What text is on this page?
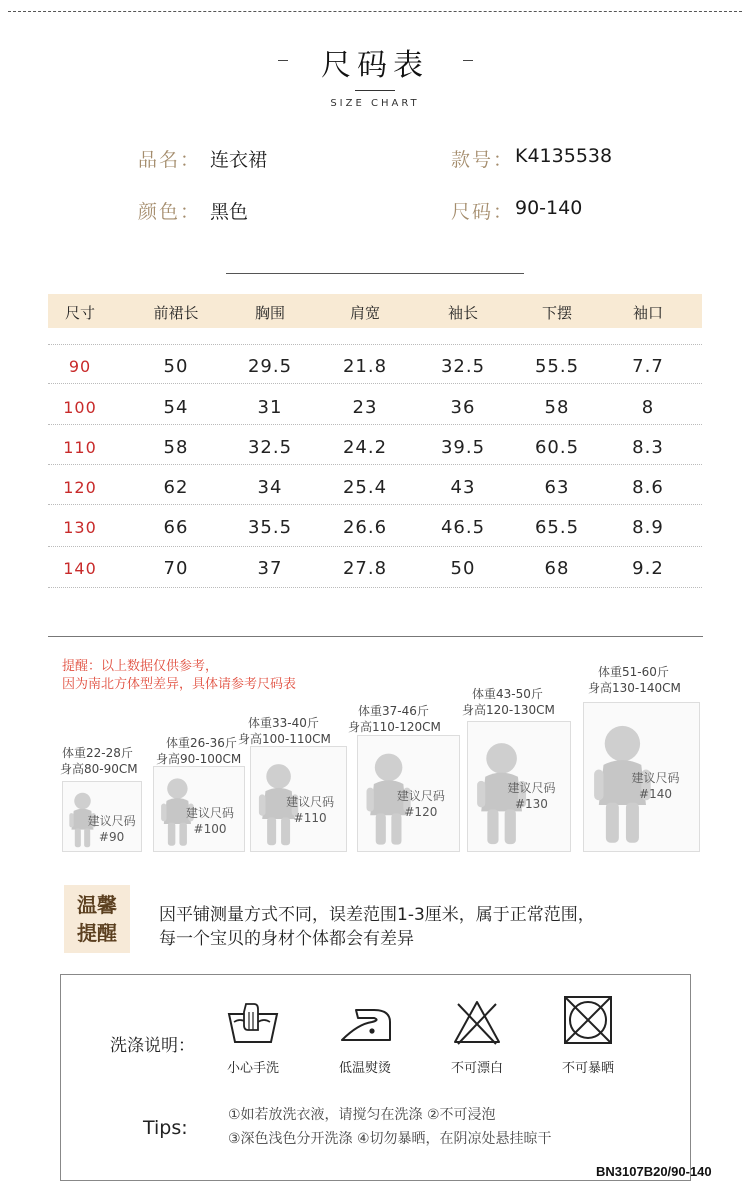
尺码表
SIZE CHART
品名： 连衣裙	款号： K4135538
颜色： 黑色	尺码： 90-140
尺寸	前裙长	胸围	肩宽	袖长	下摆	袖口
90	50	29.5	21.8	32.5	55.5	7.7
100	54	31	23	36	58	8
110	58	32.5	24.2	39.5	60.5	8.3
120	62	34	25.4	43	63	8.6
130	66	35.5	26.6	46.5	65.5	8.9
140	70	37	27.8	50	68	9.2
提醒：以上数据仅供参考，
因为南北方体型差异，具体请参考尺码表
体重22-28斤
身高80-90CM
建议尺码
#90
体重26-36斤
身高90-100CM
建议尺码
#100
体重33-40斤
身高100-110CM
建议尺码
#110
体重37-46斤
身高110-120CM
建议尺码
#120
体重43-50斤
身高120-130CM
建议尺码
#130
体重51-60斤
身高130-140CM
建议尺码
#140
温馨
提醒
因平铺测量方式不同，误差范围1-3厘米，属于正常范围，
每一个宝贝的身材个体都会有差异
洗涤说明：
小心手洗	低温熨烫	不可漂白	不可暴晒
Tips:
①如若放洗衣液，请搅匀在洗涤 ②不可浸泡
③深色浅色分开洗涤 ④切勿暴晒，在阴凉处悬挂晾干
BN3107B20/90-140
